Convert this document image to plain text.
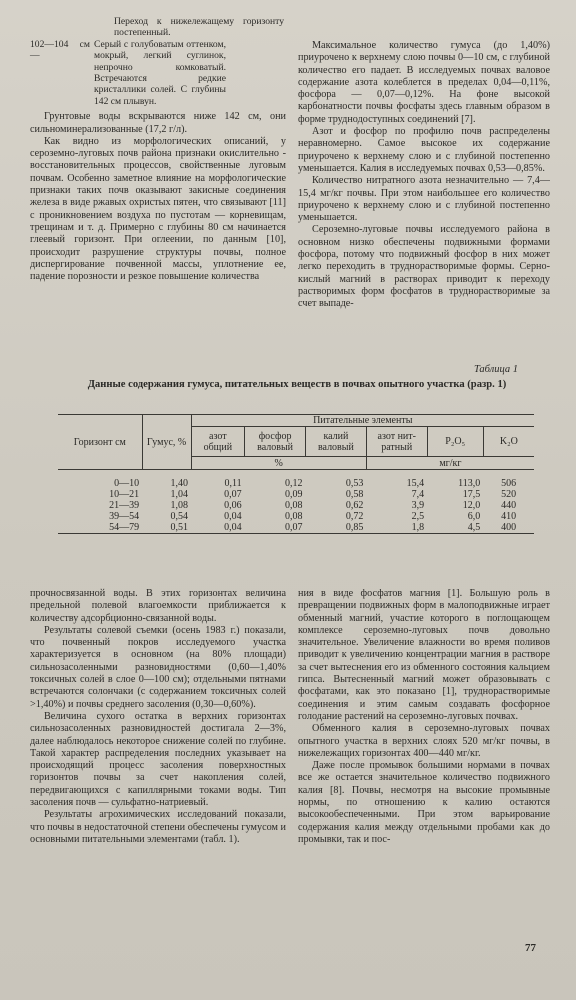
Переход к нижележащему горизонту постепенный.
102—104 см —Серый с голубоватым оттенком, мокрый, легкий суглинок, непрочно комковатый. Встречаются редкие кристаллики солей. С глубины 142 см плывун.

Грунтовые воды вскрываются ниже 142 см, они сильноминерализованные (17,2 г/л).

Как видно из морфологических описаний, у сероземно-луговых почв района признаки окислительно - восстановительных процессов, свойственные луговым почвам. Особенно заметное влияние на морфологические признаки таких почв оказывают закисные соединения железа в виде ржавых охристых пятен, что связывают [11] с проникновением воздуха по пустотам — корневищам, трещинам и т. д. Примерно с глубины 80 см начинается глеевый горизонт. При оглеении, по данным [10], происходит разрушение структуры почвы, полное диспергирование почвенной массы, уплотнение ее, падение порозности и резкое повышение количества

Максимальное количество гумуса (до 1,40%) приурочено к верхнему слою почвы 0—10 см, с глубиной количество его падает. В исследуемых почвах валовое содержание азота колеблется в пределах 0,04—0,11%, фосфора — 0,07—0,12%. На фоне высокой карбонатности почвы фосфаты здесь главным образом в форме труднодоступных соединений [7].

Азот и фосфор по профилю почв распределены неравномерно. Самое высокое их содержание приурочено к верхнему слою и с глубиной постепенно уменьшается. Калия в исследуемых почвах 0,53—0,85%.

Количество нитратного азота незначительно — 7,4—15,4 мг/кг почвы. При этом наибольшее его количество приурочено к верхнему слою и с глубиной постепенно уменьшается.

Сероземно-луговые почвы исследуемого района в основном низко обеспечены подвижными формами фосфора, потому что подвижный фосфор в них может легко переходить в труднорастворимые формы. Серно-кислый магний в растворах приводит к переходу растворимых форм фосфатов в труднорастворимые за счет выпаде-

Таблица 1
Данные содержания гумуса, питательных веществ в почвах опытного участка (разр. 1)
Горизонт см	Гумус, %	Питательные элементы					
		азот общий	фосфор валовый	калий валовый	азот нит- ратный	P₂O₅	K₂O
		%			мг/кг		

0—10	1,40	0,11	0,12	0,53	15,4	113,0	506
10—21	1,04	0,07	0,09	0,58	7,4	17,5	520
21—39	1,08	0,06	0,08	0,62	3,9	12,0	440
39—54	0,54	0,04	0,08	0,72	2,5	6,0	410
54—79	0,51	0,04	0,07	0,85	1,8	4,5	400

прочносвязанной воды. В этих горизонтах величина предельной полевой влагоемкости приближается к количеству адсорбционно-связанной воды.

Результаты солевой съемки (осень 1983 г.) показали, что почвенный покров исследуемого участка характеризуется в основном (на 80% площади) сильнозасоленными разновидностями (0,60—1,40% токсичных солей в слое 0—100 см); отдельными пятнами встречаются солончаки (с содержанием токсичных солей >1,40%) и почвы среднего засоления (0,30—0,60%).

Величина сухого остатка в верхних горизонтах сильнозасоленных разновидностей достигала 2—3%, далее наблюдалось некоторое снижение солей по глубине. Такой характер распределения последних указывает на происходящий процесс засоления поверхностных горизонтов почвы за счет накопления солей, передвигающихся с капиллярными токами воды. Тип засоления почв — сульфатно-натриевый.

Результаты агрохимических исследований показали, что почвы в недостаточной степени обеспечены гумусом и основными питательными элементами (табл. 1).

ния в виде фосфатов магния [1]. Большую роль в превращении подвижных форм в малоподвижные играет обменный магний, участие которого в поглощающем комплексе сероземно-луговых почв довольно значительное. Увеличение влажности во время поливов приводит к увеличению концентрации магния в растворе за счет вытеснения его из обменного состояния кальцием гипса. Вытесненный магний может образовывать с фосфатами, как это показано [1], труднорастворимые соединения и этим самым создавать фосфорное голодание растений на сероземно-луговых почвах.

Обменного калия в сероземно-луговых почвах опытного участка в верхних слоях 520 мг/кг почвы, в нижележащих горизонтах 400—440 мг/кг.

Даже после промывок большими нормами в почвах все же остается значительное количество подвижного калия [8]. Почвы, несмотря на высокие промывные нормы, по отношению к калию остаются высокообеспеченными. При этом варьирование содержания калия между отдельными пробами как до промывки, так и пос-

77
